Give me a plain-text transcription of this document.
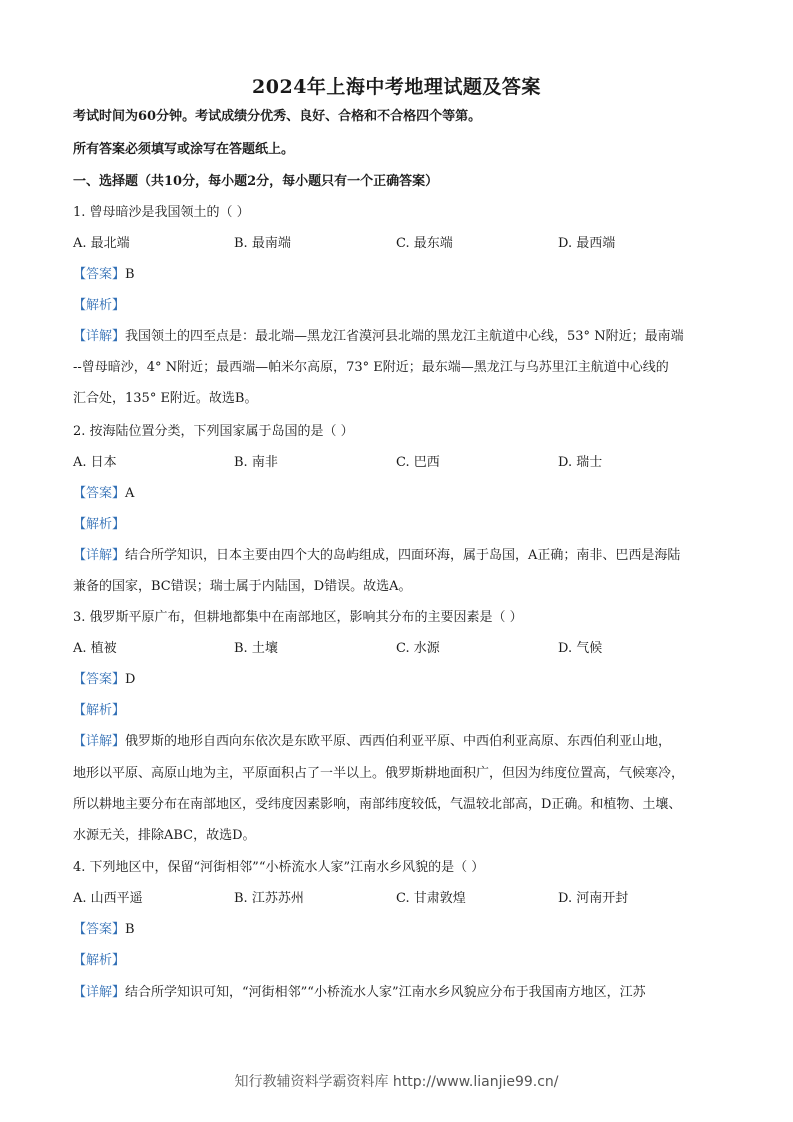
2024年上海中考地理试题及答案
考试时间为60分钟。考试成绩分优秀、良好、合格和不合格四个等第。
所有答案必须填写或涂写在答题纸上。
一、选择题（共10分，每小题2分，每小题只有一个正确答案）
1. 曾母暗沙是我国领土的（ ）
A. 最北端	B. 最南端	C. 最东端	D. 最西端
【答案】B
【解析】
【详解】我国领土的四至点是：最北端—黑龙江省漠河县北端的黑龙江主航道中心线，53° N附近；最南端
--曾母暗沙，4° N附近；最西端—帕米尔高原，73° E附近；最东端—黑龙江与乌苏里江主航道中心线的
汇合处，135° E附近。故选B。
2. 按海陆位置分类，下列国家属于岛国的是（ ）
A. 日本	B. 南非	C. 巴西	D. 瑞士
【答案】A
【解析】
【详解】结合所学知识，日本主要由四个大的岛屿组成，四面环海，属于岛国，A正确；南非、巴西是海陆
兼备的国家，BC错误；瑞士属于内陆国，D错误。故选A。
3. 俄罗斯平原广布，但耕地都集中在南部地区，影响其分布的主要因素是（ ）
A. 植被	B. 土壤	C. 水源	D. 气候
【答案】D
【解析】
【详解】俄罗斯的地形自西向东依次是东欧平原、西西伯利亚平原、中西伯利亚高原、东西伯利亚山地，
地形以平原、高原山地为主，平原面积占了一半以上。俄罗斯耕地面积广，但因为纬度位置高，气候寒冷，
所以耕地主要分布在南部地区，受纬度因素影响，南部纬度较低，气温较北部高，D正确。和植物、土壤、
水源无关，排除ABC，故选D。
4. 下列地区中，保留“河街相邻”“小桥流水人家”江南水乡风貌的是（ ）
A. 山西平遥	B. 江苏苏州	C. 甘肃敦煌	D. 河南开封
【答案】B
【解析】
【详解】结合所学知识可知，“河街相邻”“小桥流水人家”江南水乡风貌应分布于我国南方地区，江苏
知行教辅资料学霸资料库 http://www.lianjie99.cn/
